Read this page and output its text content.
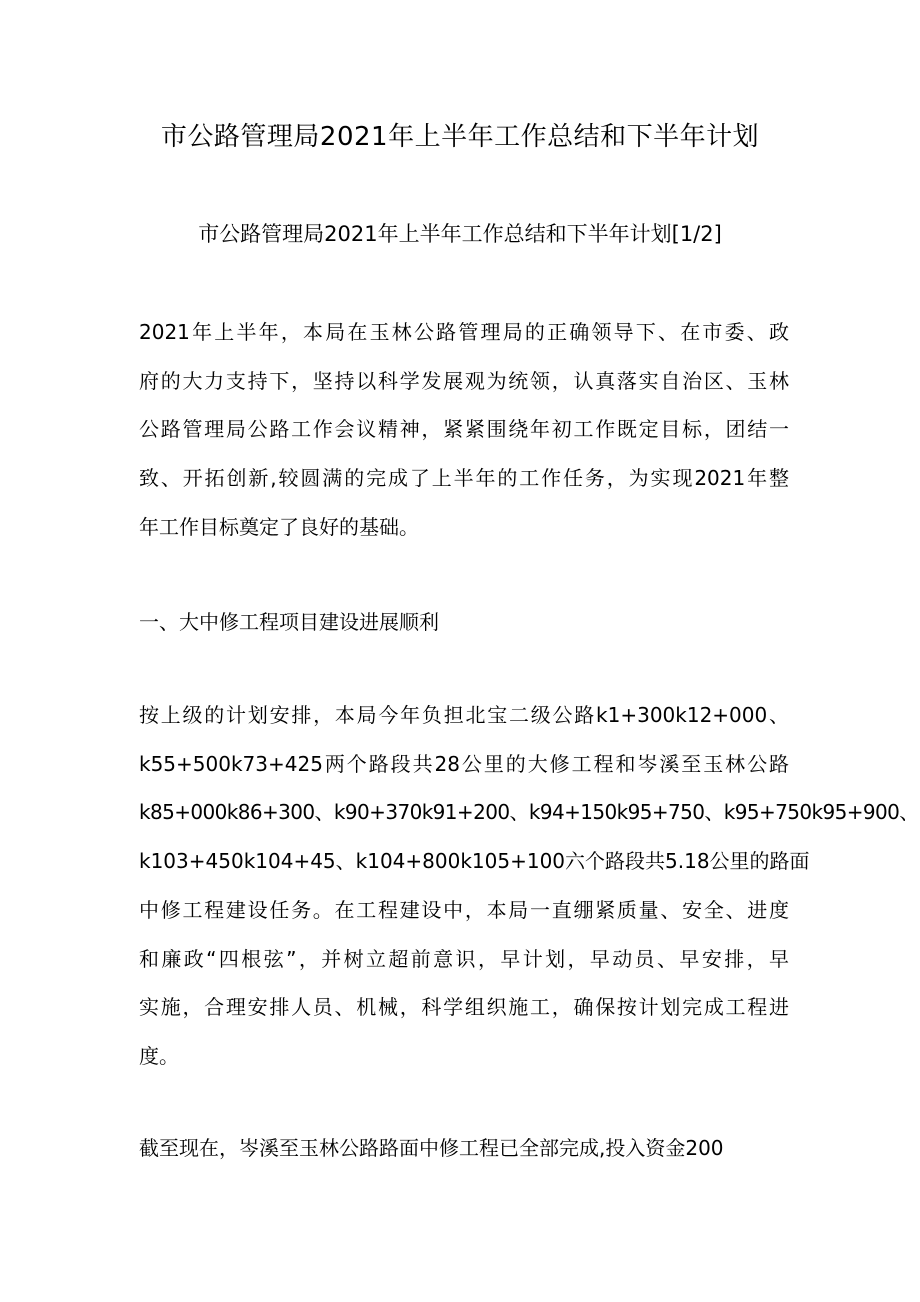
市公路管理局2021年上半年工作总结和下半年计划

市公路管理局2021年上半年工作总结和下半年计划[1/2]

2021年上半年，本局在玉林公路管理局的正确领导下、在市委、政
府的大力支持下，坚持以科学发展观为统领，认真落实自治区、玉林
公路管理局公路工作会议精神，紧紧围绕年初工作既定目标，团结一
致、开拓创新,较圆满的完成了上半年的工作任务，为实现2021年整
年工作目标奠定了良好的基础。
一、大中修工程项目建设进展顺利
按上级的计划安排，本局今年负担北宝二级公路k1+300k12+000、
k55+500k73+425两个路段共28公里的大修工程和岑溪至玉林公路
k85+000k86+300、k90+370k91+200、k94+150k95+750、k95+750k95+900、
k103+450k104+45、k104+800k105+100六个路段共5.18公里的路面
中修工程建设任务。在工程建设中，本局一直绷紧质量、安全、进度
和廉政“四根弦”，并树立超前意识，早计划，早动员、早安排，早
实施，合理安排人员、机械，科学组织施工，确保按计划完成工程进
度。
截至现在，岑溪至玉林公路路面中修工程已全部完成,投入资金200
